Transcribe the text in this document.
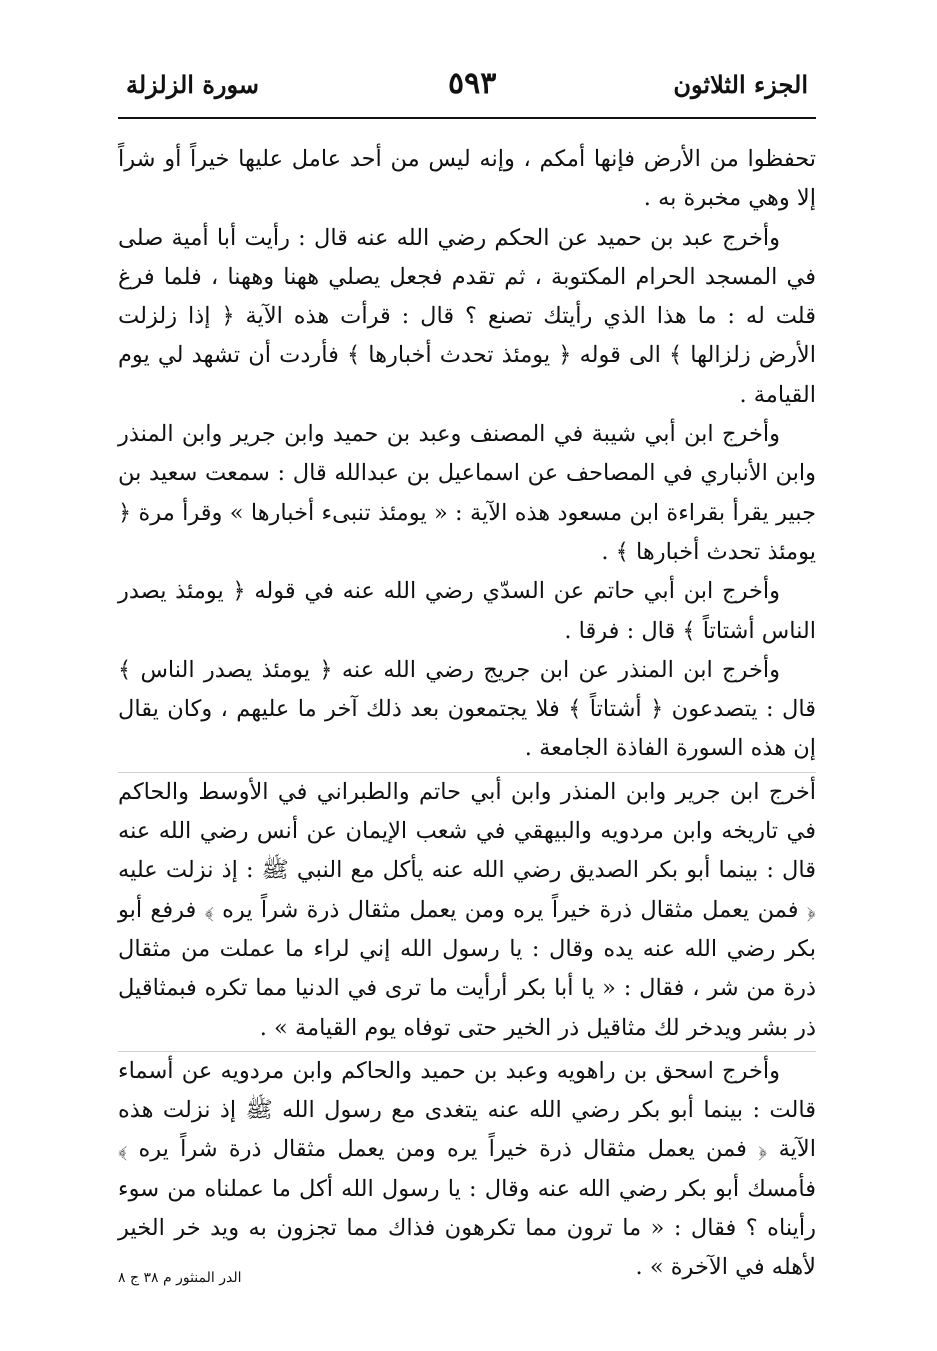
الجزء الثلاثون
٥٩٣
سورة الزلزلة

تحفظوا من الأرض فإنها أمكم ، وإنه ليس من أحد عامل عليها خيراً أو شراً إلا وهي مخبرة به .

وأخرج عبد بن حميد عن الحكم رضي الله عنه قال : رأيت أبا أمية صلى في المسجد الحرام المكتوبة ، ثم تقدم فجعل يصلي ههنا وههنا ، فلما فرغ قلت له : ما هذا الذي رأيتك تصنع ؟ قال : قرأت هذه الآية ﴿ إذا زلزلت الأرض زلزالها ﴾ الى قوله ﴿ يومئذ تحدث أخبارها ﴾ فأردت أن تشهد لي يوم القيامة .

وأخرج ابن أبي شيبة في المصنف وعبد بن حميد وابن جرير وابن المنذر وابن الأنباري في المصاحف عن اسماعيل بن عبدالله قال : سمعت سعيد بن جبير يقرأ بقراءة ابن مسعود هذه الآية : « يومئذ تنبىء أخبارها » وقرأ مرة ﴿ يومئذ تحدث أخبارها ﴾ .

وأخرج ابن أبي حاتم عن السدّي رضي الله عنه في قوله ﴿ يومئذ يصدر الناس أشتاتاً ﴾ قال : فرقا .

وأخرج ابن المنذر عن ابن جريج رضي الله عنه ﴿ يومئذ يصدر الناس ﴾ قال : يتصدعون ﴿ أشتاتاً ﴾ فلا يجتمعون بعد ذلك آخر ما عليهم ، وكان يقال إن هذه السورة الفاذة الجامعة .

أخرج ابن جرير وابن المنذر وابن أبي حاتم والطبراني في الأوسط والحاكم في تاريخه وابن مردويه والبيهقي في شعب الإيمان عن أنس رضي الله عنه قال : بينما أبو بكر الصديق رضي الله عنه يأكل مع النبي ﷺ : إذ نزلت عليه ﴿ فمن يعمل مثقال ذرة خيراً يره ومن يعمل مثقال ذرة شراً يره ﴾ فرفع أبو بكر رضي الله عنه يده وقال : يا رسول الله إني لراء ما عملت من مثقال ذرة من شر ، فقال : « يا أبا بكر أرأيت ما ترى في الدنيا مما تكره فبمثاقيل ذر بشر ويدخر لك مثاقيل ذر الخير حتى توفاه يوم القيامة » .

وأخرج اسحق بن راهويه وعبد بن حميد والحاكم وابن مردويه عن أسماء قالت : بينما أبو بكر رضي الله عنه يتغدى مع رسول الله ﷺ إذ نزلت هذه الآية ﴿ فمن يعمل مثقال ذرة خيراً يره ومن يعمل مثقال ذرة شراً يره ﴾ فأمسك أبو بكر رضي الله عنه وقال : يا رسول الله أكل ما عملناه من سوء رأيناه ؟ فقال : « ما ترون مما تكرهون فذاك مما تجزون به ويد خر الخير لأهله في الآخرة » .

الدر المنثور م ٣٨ ج ٨
